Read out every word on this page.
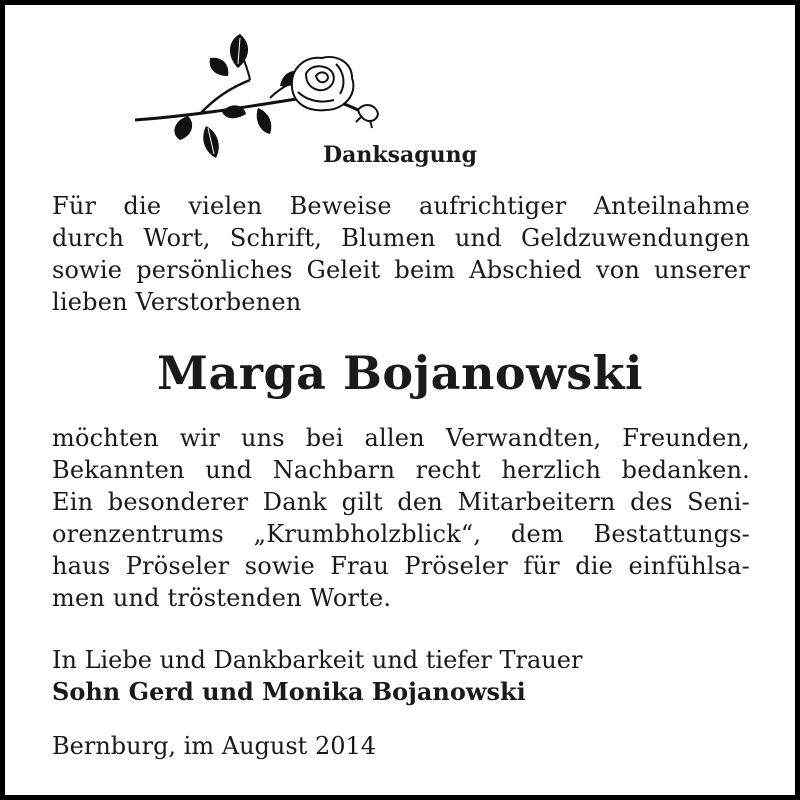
Danksagung
Für die vielen Beweise aufrichtiger Anteilnahme
durch Wort, Schrift, Blumen und Geldzuwendungen
sowie persönliches Geleit beim Abschied von unserer
lieben Verstorbenen
Marga Bojanowski
möchten wir uns bei allen Verwandten, Freunden,
Bekannten und Nachbarn recht herzlich bedanken.
Ein besonderer Dank gilt den Mitarbeitern des Seni-
orenzentrums „Krumbholzblick“, dem Bestattungs-
haus Pröseler sowie Frau Pröseler für die einfühlsa-
men und tröstenden Worte.
In Liebe und Dankbarkeit und tiefer Trauer
Sohn Gerd und Monika Bojanowski
Bernburg, im August 2014
